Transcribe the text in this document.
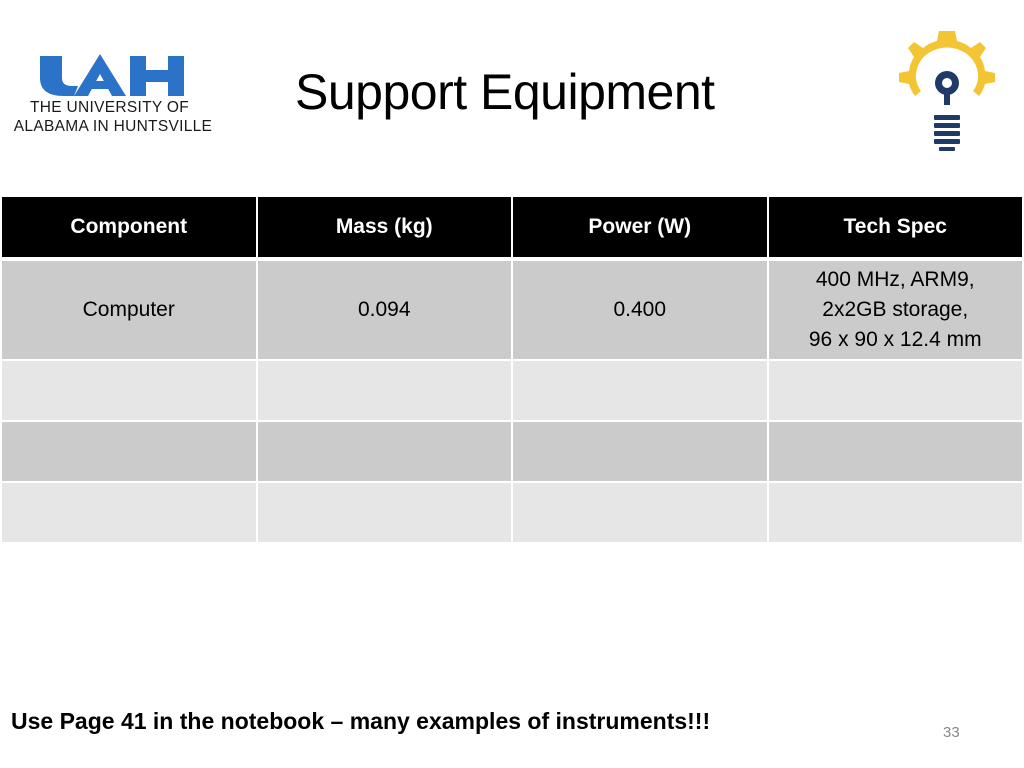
THE UNIVERSITY OF
ALABAMA IN HUNTSVILLE
Support Equipment
Component	Mass (kg)	Power (W)	Tech Spec
Computer	0.094	0.400	400 MHz, ARM9,
2x2GB storage,
96 x 90 x 12.4 mm

Use Page 41 in the notebook – many examples of instruments!!!	33
